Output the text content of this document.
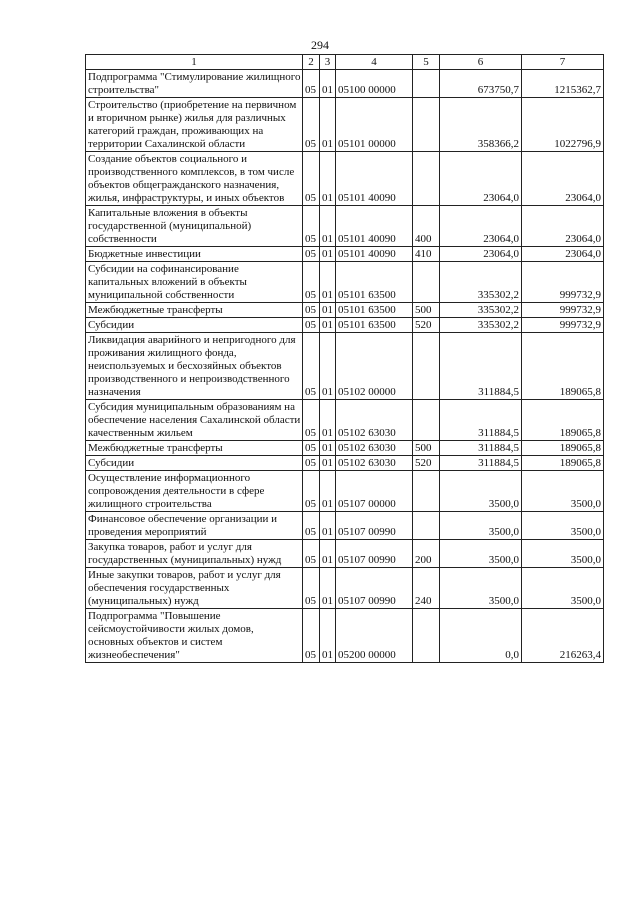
294
1	2	3	4	5	6	7
Подпрограмма "Стимулирование жилищного строительства"	05	01	05100 00000		673750,7	1215362,7
Строительство (приобретение на первичном и вторичном рынке) жилья для различных категорий граждан, проживающих на территории Сахалинской области	05	01	05101 00000		358366,2	1022796,9
Создание объектов социального и производственного комплексов, в том числе объектов общегражданского назначения, жилья, инфраструктуры, и иных объектов	05	01	05101 40090		23064,0	23064,0
Капитальные вложения в объекты государственной (муниципальной) собственности	05	01	05101 40090	400	23064,0	23064,0
Бюджетные инвестиции	05	01	05101 40090	410	23064,0	23064,0
Субсидии на софинансирование капитальных вложений в объекты муниципальной собственности	05	01	05101 63500		335302,2	999732,9
Межбюджетные трансферты	05	01	05101 63500	500	335302,2	999732,9
Субсидии	05	01	05101 63500	520	335302,2	999732,9
Ликвидация аварийного и непригодного для проживания жилищного фонда, неиспользуемых и бесхозяйных объектов производственного и непроизводственного назначения	05	01	05102 00000		311884,5	189065,8
Субсидия муниципальным образованиям на обеспечение населения Сахалинской области качественным жильем	05	01	05102 63030		311884,5	189065,8
Межбюджетные трансферты	05	01	05102 63030	500	311884,5	189065,8
Субсидии	05	01	05102 63030	520	311884,5	189065,8
Осуществление информационного сопровождения деятельности в сфере жилищного строительства	05	01	05107 00000		3500,0	3500,0
Финансовое обеспечение организации и проведения мероприятий	05	01	05107 00990		3500,0	3500,0
Закупка товаров, работ и услуг для государственных (муниципальных) нужд	05	01	05107 00990	200	3500,0	3500,0
Иные закупки товаров, работ и услуг для обеспечения государственных (муниципальных) нужд	05	01	05107 00990	240	3500,0	3500,0
Подпрограмма "Повышение сейсмоустойчивости жилых домов, основных объектов и систем жизнеобеспечения"	05	01	05200 00000		0,0	216263,4
